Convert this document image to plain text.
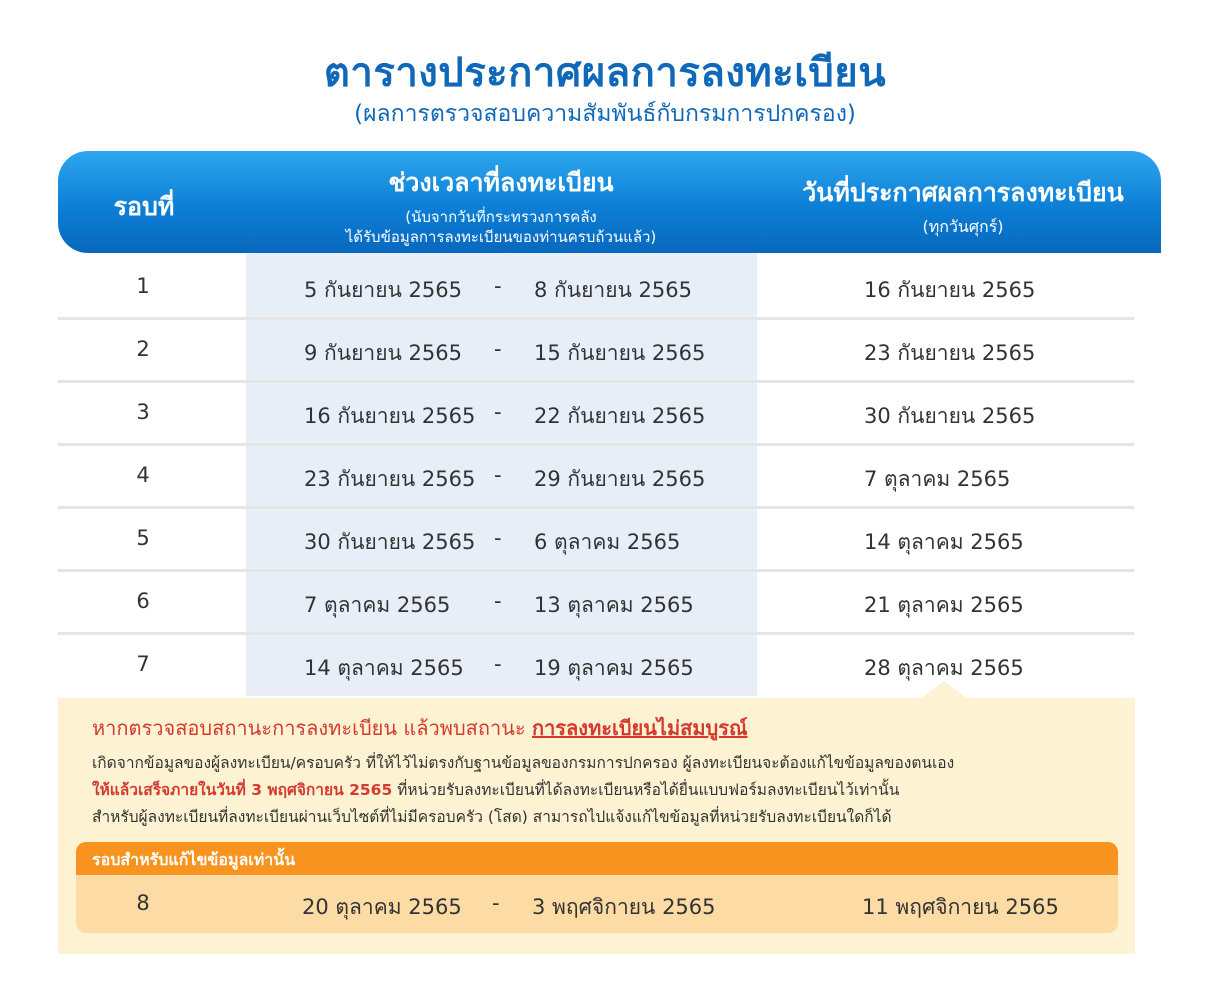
ตารางประกาศผลการลงทะเบียน
(ผลการตรวจสอบความสัมพันธ์กับกรมการปกครอง)
รอบที่
ช่วงเวลาที่ลงทะเบียน
(นับจากวันที่กระทรวงการคลัง
ได้รับข้อมูลการลงทะเบียนของท่านครบถ้วนแล้ว)
วันที่ประกาศผลการลงทะเบียน
(ทุกวันศุกร์)
1	5 กันยายน 2565 - 8 กันยายน 2565	16 กันยายน 2565
2	9 กันยายน 2565 - 15 กันยายน 2565	23 กันยายน 2565
3	16 กันยายน 2565 - 22 กันยายน 2565	30 กันยายน 2565
4	23 กันยายน 2565 - 29 กันยายน 2565	7 ตุลาคม 2565
5	30 กันยายน 2565 - 6 ตุลาคม 2565	14 ตุลาคม 2565
6	7 ตุลาคม 2565 - 13 ตุลาคม 2565	21 ตุลาคม 2565
7	14 ตุลาคม 2565 - 19 ตุลาคม 2565	28 ตุลาคม 2565
หากตรวจสอบสถานะการลงทะเบียน แล้วพบสถานะ การลงทะเบียนไม่สมบูรณ์
เกิดจากข้อมูลของผู้ลงทะเบียน/ครอบครัว ที่ให้ไว้ไม่ตรงกับฐานข้อมูลของกรมการปกครอง ผู้ลงทะเบียนจะต้องแก้ไขข้อมูลของตนเอง
ให้แล้วเสร็จภายในวันที่ 3 พฤศจิกายน 2565 ที่หน่วยรับลงทะเบียนที่ได้ลงทะเบียนหรือได้ยื่นแบบฟอร์มลงทะเบียนไว้เท่านั้น
สำหรับผู้ลงทะเบียนที่ลงทะเบียนผ่านเว็บไซต์ที่ไม่มีครอบครัว (โสด) สามารถไปแจ้งแก้ไขข้อมูลที่หน่วยรับลงทะเบียนใดก็ได้
รอบสำหรับแก้ไขข้อมูลเท่านั้น
8	20 ตุลาคม 2565 - 3 พฤศจิกายน 2565	11 พฤศจิกายน 2565
